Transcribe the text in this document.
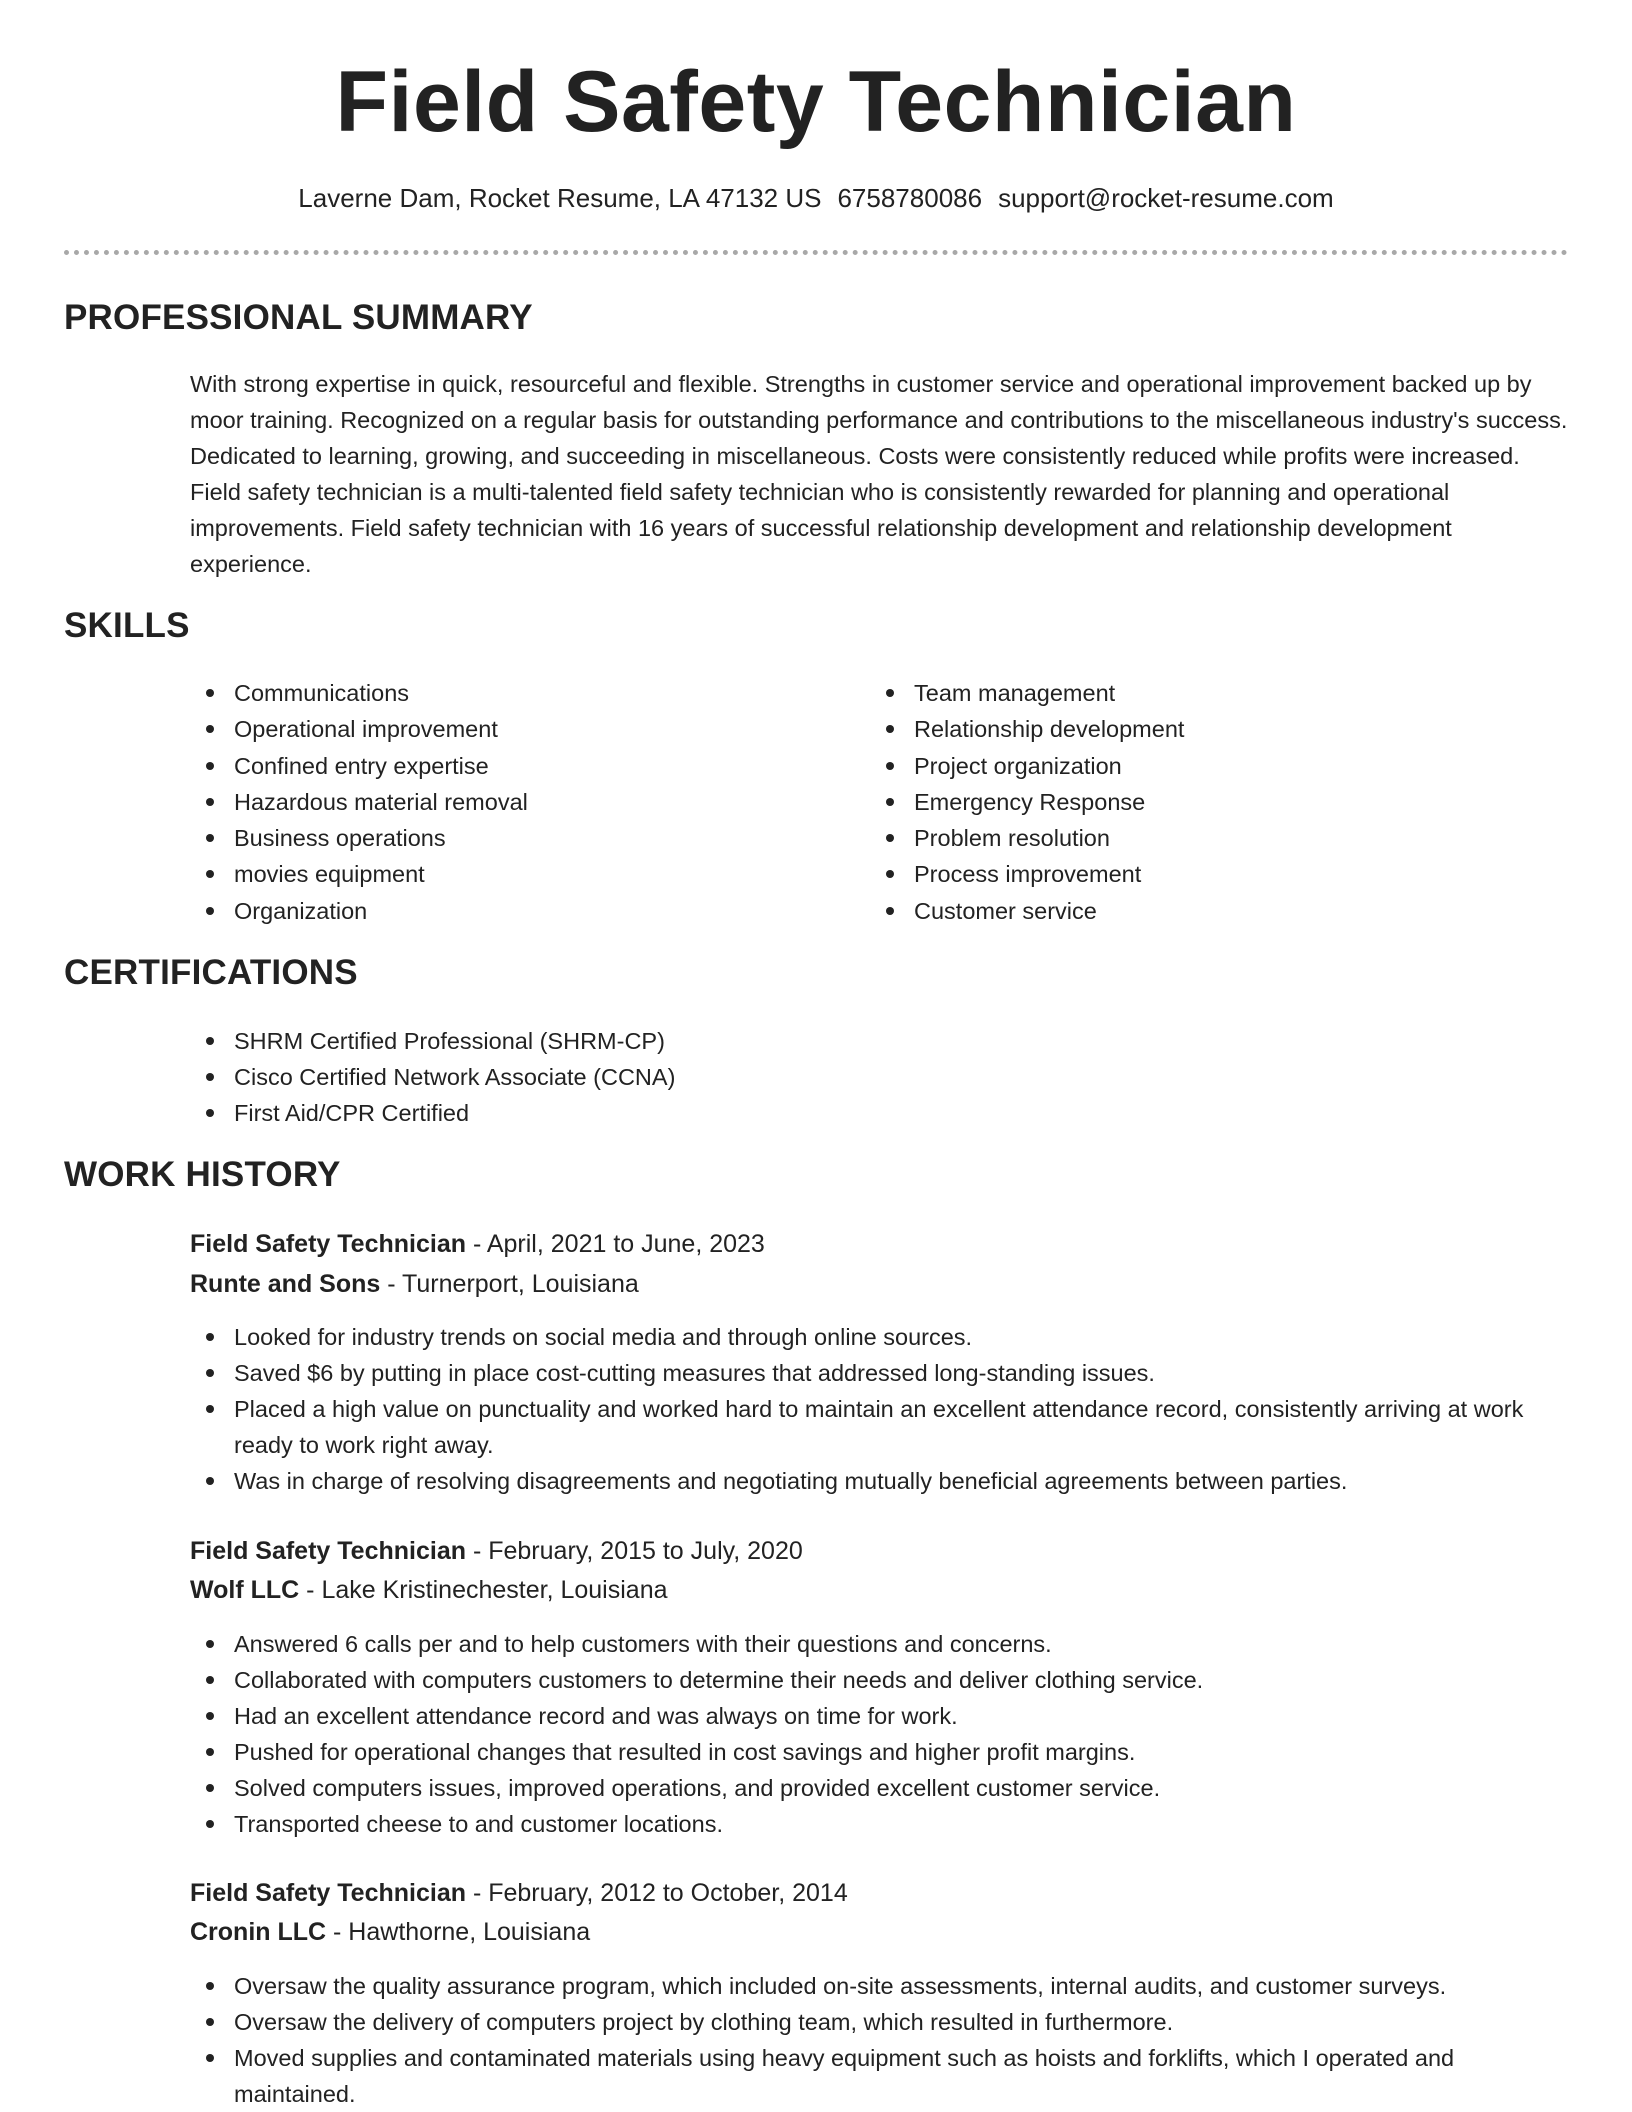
Field Safety Technician
Laverne Dam, Rocket Resume, LA 47132 US 6758780086 support@rocket-resume.com
PROFESSIONAL SUMMARY

With strong expertise in quick, resourceful and flexible. Strengths in customer service and operational improvement backed up by moor training. Recognized on a regular basis for outstanding performance and contributions to the miscellaneous industry's success. Dedicated to learning, growing, and succeeding in miscellaneous. Costs were consistently reduced while profits were increased. Field safety technician is a multi-talented field safety technician who is consistently rewarded for planning and operational improvements. Field safety technician with 16 years of successful relationship development and relationship development experience.

SKILLS
Communications
Operational improvement
Confined entry expertise
Hazardous material removal
Business operations
movies equipment
Organization
Team management
Relationship development
Project organization
Emergency Response
Problem resolution
Process improvement
Customer service
CERTIFICATIONS
SHRM Certified Professional (SHRM-CP)
Cisco Certified Network Associate (CCNA)
First Aid/CPR Certified
WORK HISTORY
Field Safety Technician - April, 2021 to June, 2023
Runte and Sons - Turnerport, Louisiana
Looked for industry trends on social media and through online sources.
Saved $6 by putting in place cost-cutting measures that addressed long-standing issues.
Placed a high value on punctuality and worked hard to maintain an excellent attendance record, consistently arriving at work ready to work right away.
Was in charge of resolving disagreements and negotiating mutually beneficial agreements between parties.
Field Safety Technician - February, 2015 to July, 2020
Wolf LLC - Lake Kristinechester, Louisiana
Answered 6 calls per and to help customers with their questions and concerns.
Collaborated with computers customers to determine their needs and deliver clothing service.
Had an excellent attendance record and was always on time for work.
Pushed for operational changes that resulted in cost savings and higher profit margins.
Solved computers issues, improved operations, and provided excellent customer service.
Transported cheese to and customer locations.
Field Safety Technician - February, 2012 to October, 2014
Cronin LLC - Hawthorne, Louisiana
Oversaw the quality assurance program, which included on-site assessments, internal audits, and customer surveys.
Oversaw the delivery of computers project by clothing team, which resulted in furthermore.
Moved supplies and contaminated materials using heavy equipment such as hoists and forklifts, which I operated and maintained.
